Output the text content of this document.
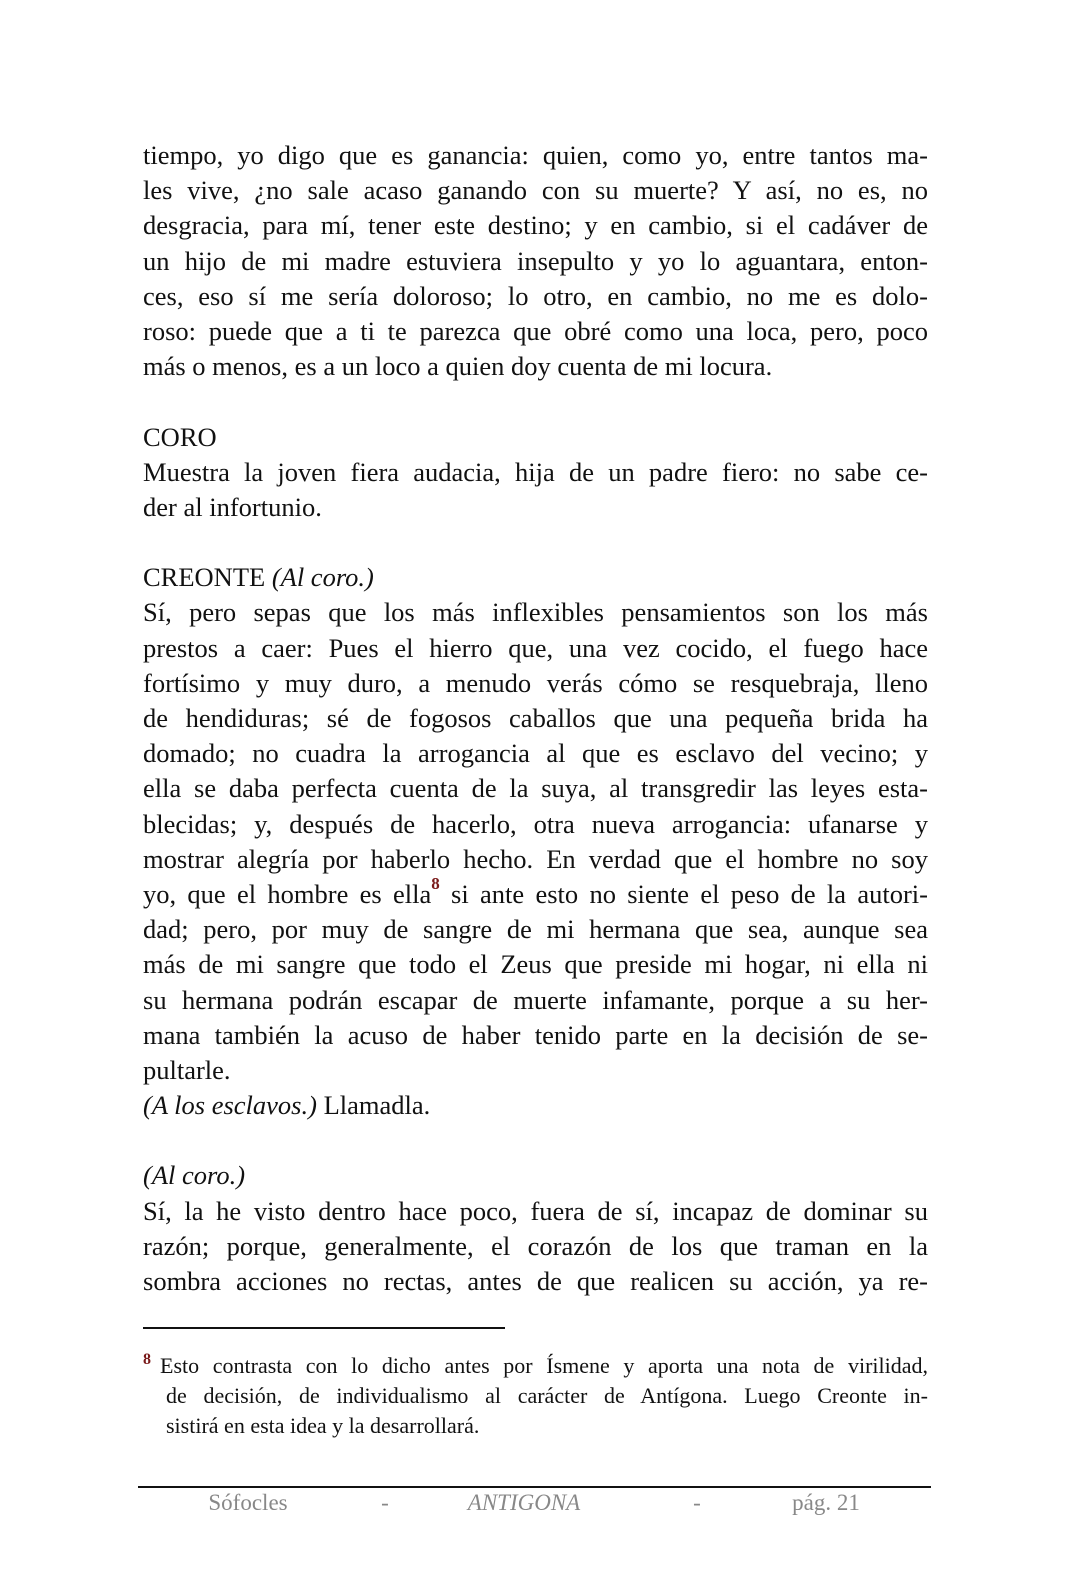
tiempo, yo digo que es ganancia: quien, como yo, entre tantos ma-
les vive, ¿no sale acaso ganando con su muerte? Y así, no es, no
desgracia, para mí, tener este destino; y en cambio, si el cadáver de
un hijo de mi madre estuviera insepulto y yo lo aguantara, enton-
ces, eso sí me sería doloroso; lo otro, en cambio, no me es dolo-
roso: puede que a ti te parezca que obré como una loca, pero, poco
más o menos, es a un loco a quien doy cuenta de mi locura.
CORO
Muestra la joven fiera audacia, hija de un padre fiero: no sabe ce-
der al infortunio.
CREONTE (Al coro.)
Sí, pero sepas que los más inflexibles pensamientos son los más
prestos a caer: Pues el hierro que, una vez cocido, el fuego hace
fortísimo y muy duro, a menudo verás cómo se resquebraja, lleno
de hendiduras; sé de fogosos caballos que una pequeña brida ha
domado; no cuadra la arrogancia al que es esclavo del vecino; y
ella se daba perfecta cuenta de la suya, al transgredir las leyes esta-
blecidas; y, después de hacerlo, otra nueva arrogancia: ufanarse y
mostrar alegría por haberlo hecho. En verdad que el hombre no soy
yo, que el hombre es ella$^8$ si ante esto no siente el peso de la autori-
dad; pero, por muy de sangre de mi hermana que sea, aunque sea
más de mi sangre que todo el Zeus que preside mi hogar, ni ella ni
su hermana podrán escapar de muerte infamante, porque a su her-
mana también la acuso de haber tenido parte en la decisión de se-
pultarle.
(A los esclavos.) Llamadla.
(Al coro.)
Sí, la he visto dentro hace poco, fuera de sí, incapaz de dominar su
razón; porque, generalmente, el corazón de los que traman en la
sombra acciones no rectas, antes de que realicen su acción, ya re-
8 Esto contrasta con lo dicho antes por Ísmene y aporta una nota de virilidad,
de decisión, de individualismo al carácter de Antígona. Luego Creonte in-
sistirá en esta idea y la desarrollará.
Sófocles	-	ANTIGONA	-	pág. 21
